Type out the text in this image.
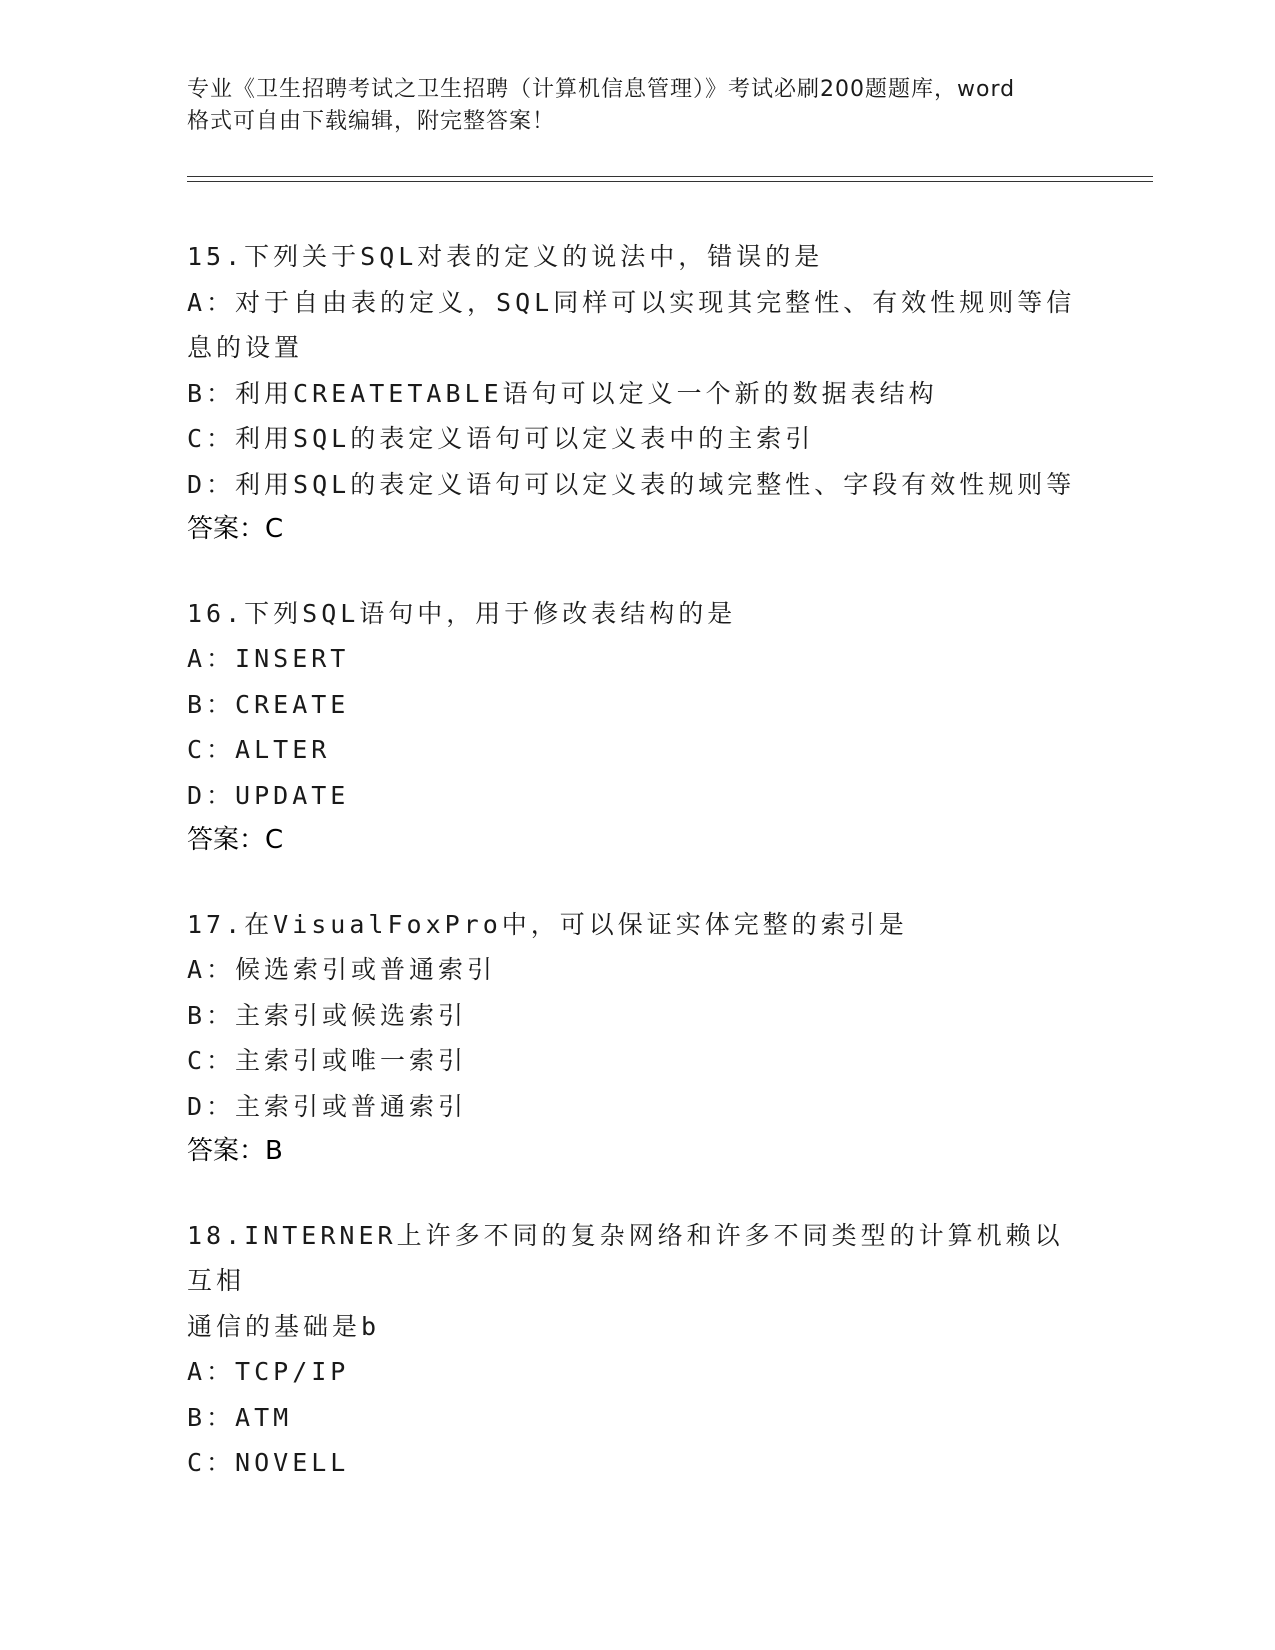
专业《卫生招聘考试之卫生招聘（计算机信息管理）》考试必刷200题题库，word
格式可自由下载编辑，附完整答案！
15.下列关于SQL对表的定义的说法中，错误的是
A：对于自由表的定义，SQL同样可以实现其完整性、有效性规则等信
息的设置
B：利用CREATETABLE语句可以定义一个新的数据表结构
C：利用SQL的表定义语句可以定义表中的主索引
D：利用SQL的表定义语句可以定义表的域完整性、字段有效性规则等
答案：C
16.下列SQL语句中，用于修改表结构的是
A：INSERT
B：CREATE
C：ALTER
D：UPDATE
答案：C
17.在VisualFoxPro中，可以保证实体完整的索引是
A：候选索引或普通索引
B：主索引或候选索引
C：主索引或唯一索引
D：主索引或普通索引
答案：B
18.INTERNER上许多不同的复杂网络和许多不同类型的计算机赖以互相
通信的基础是b
A：TCP/IP
B：ATM
C：NOVELL
